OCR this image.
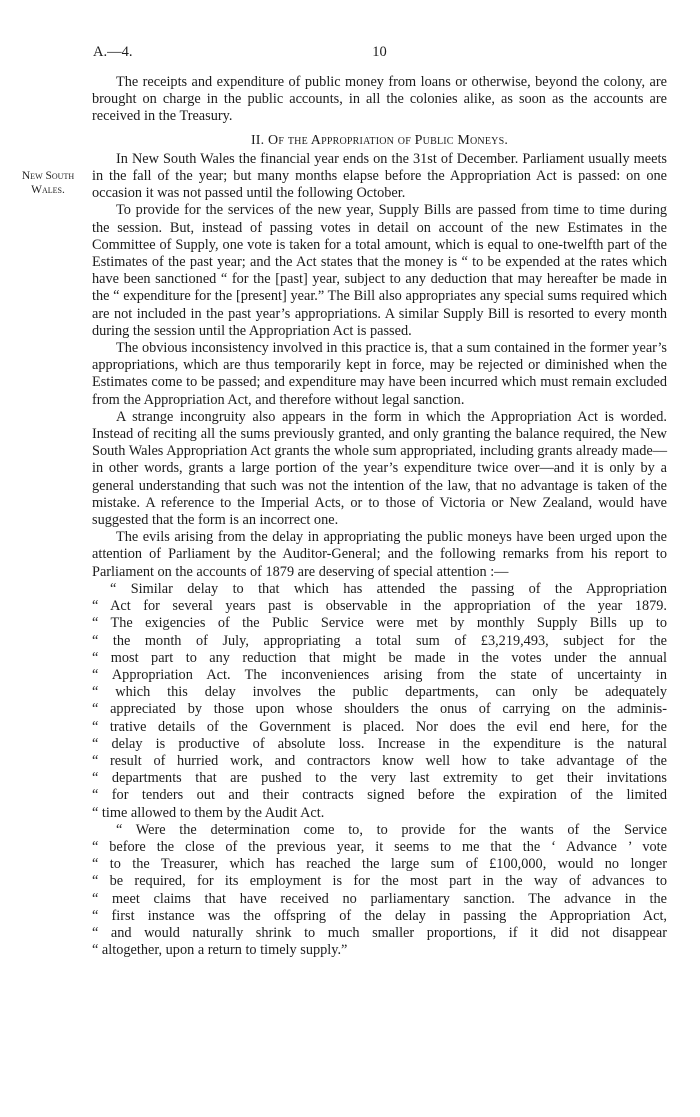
A.—4.	10
New South
Wales.

The receipts and expenditure of public money from loans or otherwise, beyond the colony, are brought on charge in the public accounts, in all the colonies alike, as soon as the accounts are received in the Treasury.

II. Of the Appropriation of Public Moneys.

In New South Wales the financial year ends on the 31st of December. Parliament usually meets in the fall of the year; but many months elapse before the Appropriation Act is passed: on one occasion it was not passed until the following October.

To provide for the services of the new year, Supply Bills are passed from time to time during the session. But, instead of passing votes in detail on account of the new Estimates in the Committee of Supply, one vote is taken for a total amount, which is equal to one-twelfth part of the Estimates of the past year; and the Act states that the money is “ to be expended at the rates which have been sanctioned “ for the [past] year, subject to any deduction that may hereafter be made in the “ expenditure for the [present] year.” The Bill also appropriates any special sums required which are not included in the past year’s appropriations. A similar Supply Bill is resorted to every month during the session until the Appropriation Act is passed.

The obvious inconsistency involved in this practice is, that a sum contained in the former year’s appropriations, which are thus temporarily kept in force, may be rejected or diminished when the Estimates come to be passed; and expenditure may have been incurred which must remain excluded from the Appropriation Act, and therefore without legal sanction.

A strange incongruity also appears in the form in which the Appropriation Act is worded. Instead of reciting all the sums previously granted, and only granting the balance required, the New South Wales Appropriation Act grants the whole sum appropriated, including grants already made—in other words, grants a large portion of the year’s expenditure twice over—and it is only by a general understanding that such was not the intention of the law, that no advantage is taken of the mistake. A reference to the Imperial Acts, or to those of Victoria or New Zealand, would have suggested that the form is an incorrect one.

The evils arising from the delay in appropriating the public moneys have been urged upon the attention of Parliament by the Auditor-General; and the following remarks from his report to Parliament on the accounts of 1879 are deserving of special attention :—

“ Similar delay to that which has attended the passing of the Appropriation
“ Act for several years past is observable in the appropriation of the year 1879.
“ The exigencies of the Public Service were met by monthly Supply Bills up to
“ the month of July, appropriating a total sum of £3,219,493, subject for the
“ most part to any reduction that might be made in the votes under the annual
“ Appropriation Act. The inconveniences arising from the state of uncertainty in
“ which this delay involves the public departments, can only be adequately
“ appreciated by those upon whose shoulders the onus of carrying on the adminis-
“ trative details of the Government is placed. Nor does the evil end here, for the
“ delay is productive of absolute loss. Increase in the expenditure is the natural
“ result of hurried work, and contractors know well how to take advantage of the
“ departments that are pushed to the very last extremity to get their invitations
“ for tenders out and their contracts signed before the expiration of the limited
“ time allowed to them by the Audit Act.

“ Were the determination come to, to provide for the wants of the Service
“ before the close of the previous year, it seems to me that the ‘ Advance ’ vote
“ to the Treasurer, which has reached the large sum of £100,000, would no longer
“ be required, for its employment is for the most part in the way of advances to
“ meet claims that have received no parliamentary sanction. The advance in the
“ first instance was the offspring of the delay in passing the Appropriation Act,
“ and would naturally shrink to much smaller proportions, if it did not disappear
“ altogether, upon a return to timely supply.”
